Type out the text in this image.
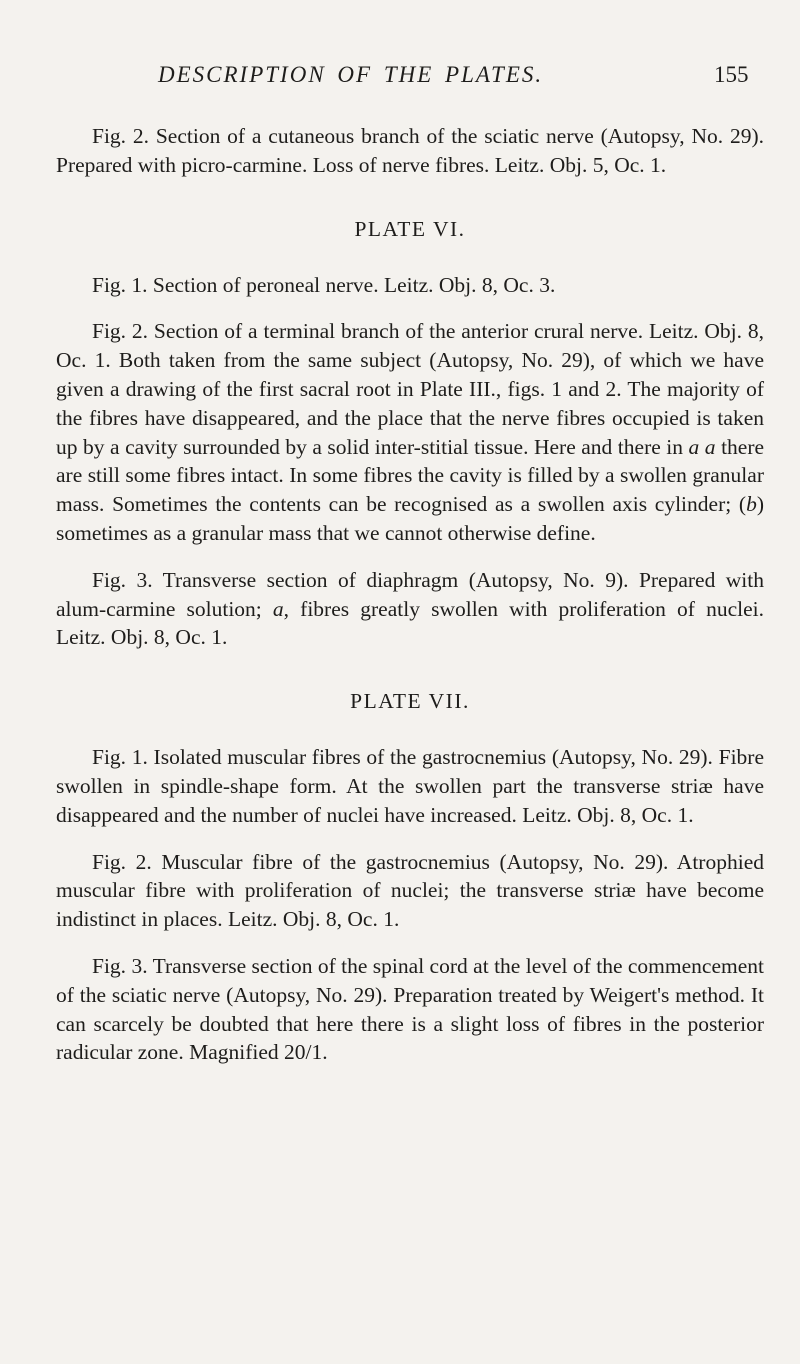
DESCRIPTION OF THE PLATES.	155

Fig. 2. Section of a cutaneous branch of the sciatic nerve (Autopsy, No. 29). Prepared with picro-carmine. Loss of nerve fibres. Leitz. Obj. 5, Oc. 1.

PLATE VI.

Fig. 1. Section of peroneal nerve. Leitz. Obj. 8, Oc. 3.

Fig. 2. Section of a terminal branch of the anterior crural nerve. Leitz. Obj. 8, Oc. 1. Both taken from the same subject (Autopsy, No. 29), of which we have given a drawing of the first sacral root in Plate III., figs. 1 and 2. The majority of the fibres have disappeared, and the place that the nerve fibres occupied is taken up by a cavity surrounded by a solid inter-stitial tissue. Here and there in a a there are still some fibres intact. In some fibres the cavity is filled by a swollen granular mass. Sometimes the contents can be recognised as a swollen axis cylinder; (b) sometimes as a granular mass that we cannot otherwise define.

Fig. 3. Transverse section of diaphragm (Autopsy, No. 9). Prepared with alum-carmine solution; a, fibres greatly swollen with proliferation of nuclei. Leitz. Obj. 8, Oc. 1.

PLATE VII.

Fig. 1. Isolated muscular fibres of the gastrocnemius (Autopsy, No. 29). Fibre swollen in spindle-shape form. At the swollen part the transverse striæ have disappeared and the number of nuclei have increased. Leitz. Obj. 8, Oc. 1.

Fig. 2. Muscular fibre of the gastrocnemius (Autopsy, No. 29). Atrophied muscular fibre with proliferation of nuclei; the transverse striæ have become indistinct in places. Leitz. Obj. 8, Oc. 1.

Fig. 3. Transverse section of the spinal cord at the level of the commencement of the sciatic nerve (Autopsy, No. 29). Preparation treated by Weigert's method. It can scarcely be doubted that here there is a slight loss of fibres in the posterior radicular zone. Magnified 20/1.
